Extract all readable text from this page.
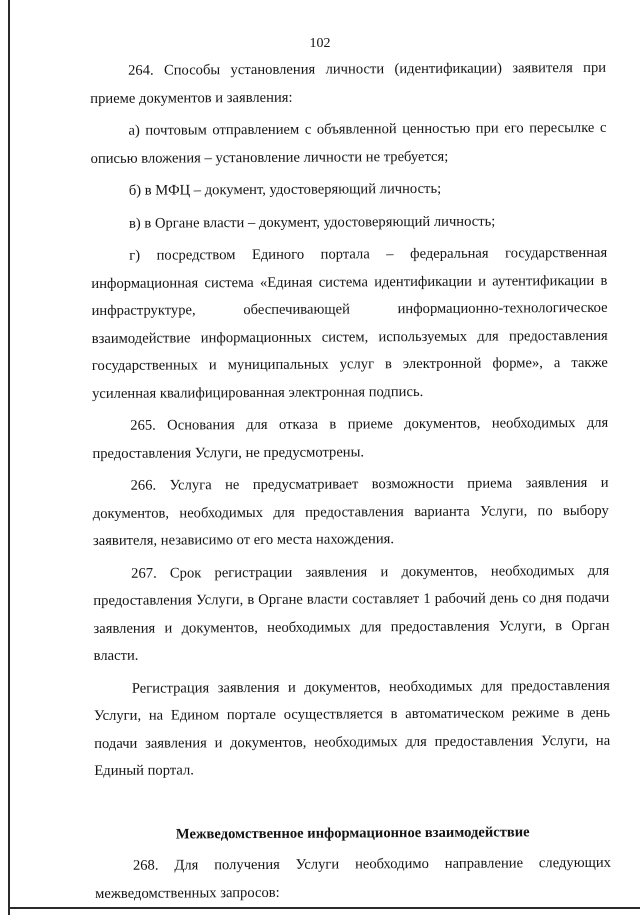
102

264. Способы установления личности (идентификации) заявителя при приеме документов и заявления:

а) почтовым отправлением с объявленной ценностью при его пересылке с описью вложения – установление личности не требуется;

б) в МФЦ – документ, удостоверяющий личность;

в) в Органе власти – документ, удостоверяющий личность;

г) посредством Единого портала – федеральная государственная информационная система «Единая система идентификации и аутентификации в инфраструктуре, обеспечивающей информационно-технологическое взаимодействие информационных систем, используемых для предоставления государственных и муниципальных услуг в электронной форме», а также усиленная квалифицированная электронная подпись.

265. Основания для отказа в приеме документов, необходимых для предоставления Услуги, не предусмотрены.

266. Услуга не предусматривает возможности приема заявления и документов, необходимых для предоставления варианта Услуги, по выбору заявителя, независимо от его места нахождения.

267. Срок регистрации заявления и документов, необходимых для предоставления Услуги, в Органе власти составляет 1 рабочий день со дня подачи заявления и документов, необходимых для предоставления Услуги, в Орган власти.

Регистрация заявления и документов, необходимых для предоставления Услуги, на Едином портале осуществляется в автоматическом режиме в день подачи заявления и документов, необходимых для предоставления Услуги, на Единый портал.

Межведомственное информационное взаимодействие

268. Для получения Услуги необходимо направление следующих межведомственных запросов:
